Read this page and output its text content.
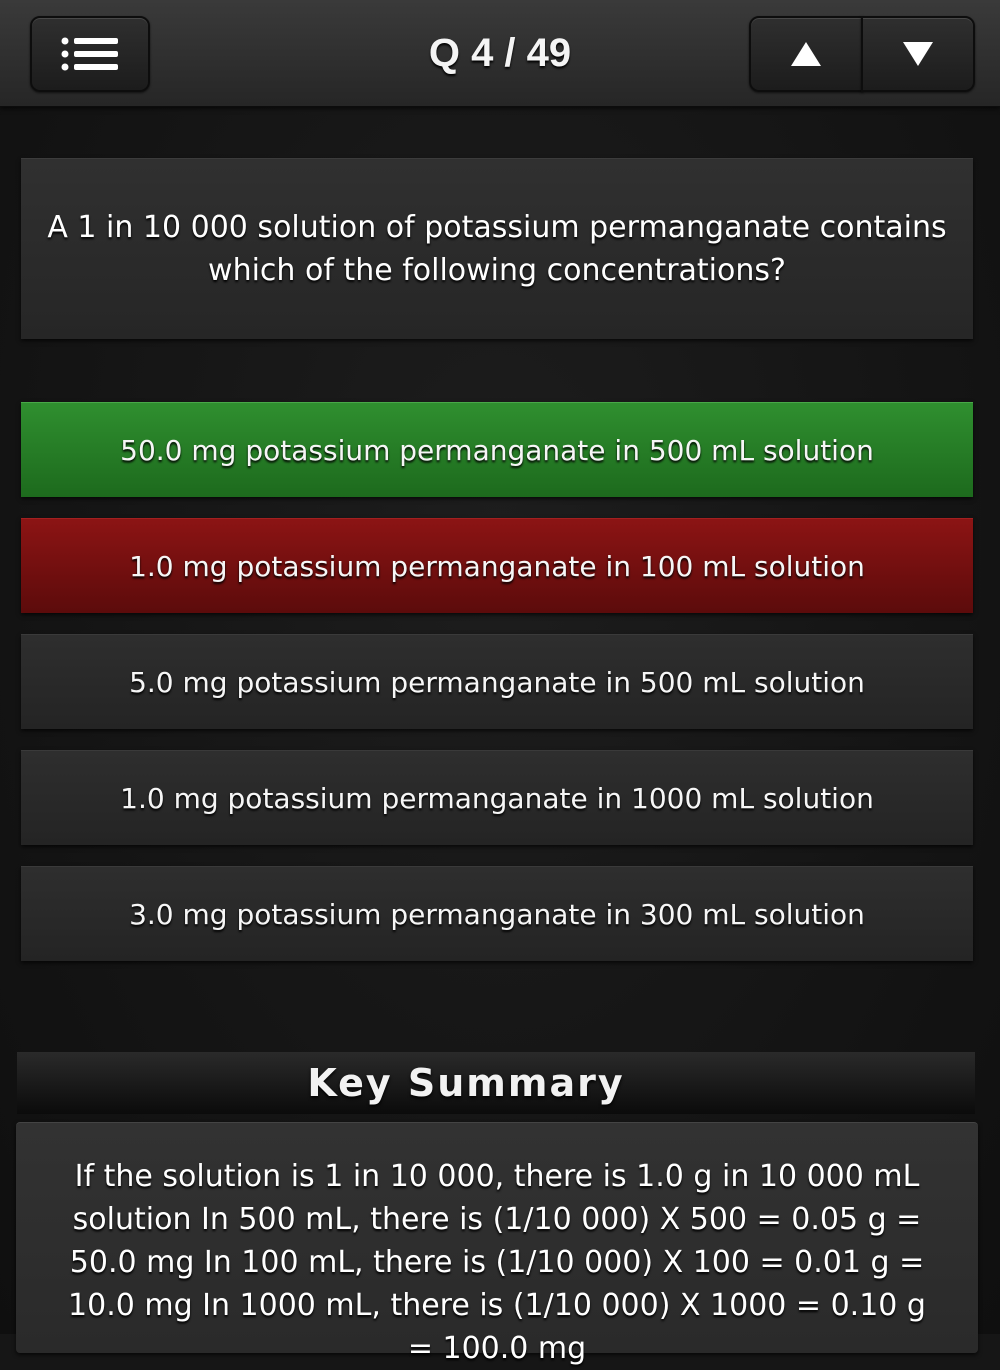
Q 4 / 49
A 1 in 10 000 solution of potassium permanganate contains which of the following concentrations?
50.0 mg potassium permanganate in 500 mL solution
1.0 mg potassium permanganate in 100 mL solution
5.0 mg potassium permanganate in 500 mL solution
1.0 mg potassium permanganate in 1000 mL solution
3.0 mg potassium permanganate in 300 mL solution
Key Summary
If the solution is 1 in 10 000, there is 1.0 g in 10 000 mL solution In 500 mL, there is (1/10 000) X 500 = 0.05 g = 50.0 mg In 100 mL, there is (1/10 000) X 100 = 0.01 g = 10.0 mg In 1000 mL, there is (1/10 000) X 1000 = 0.10 g = 100.0 mg
